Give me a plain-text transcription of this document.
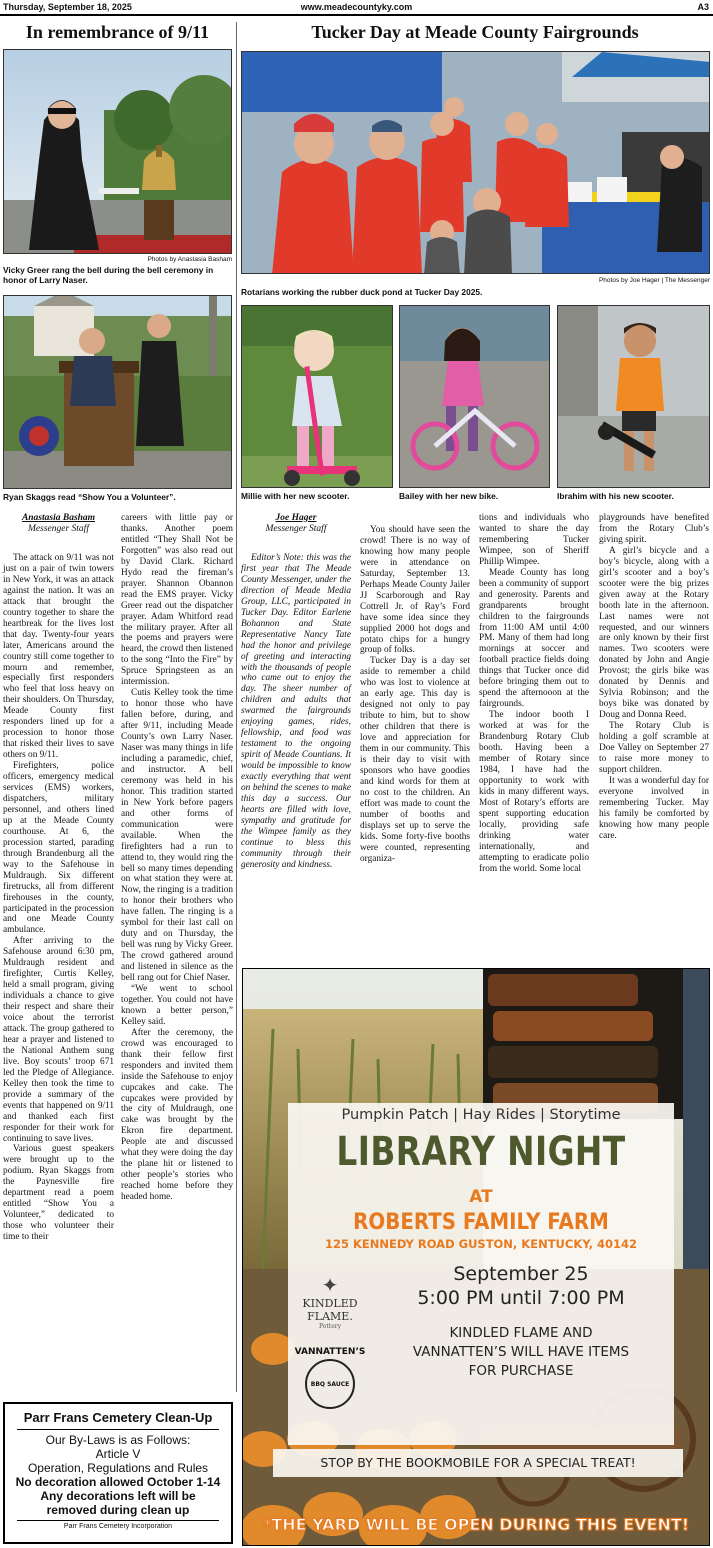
Thursday, September 18, 2025	www.meadecountyky.com	A3
In remembrance of 9/11
Photos by Anastasia Basham
Vicky Greer rang the bell during the bell ceremony in honor of Larry Naser.
Ryan Skaggs read “Show You a Volunteer”.
Tucker Day at Meade County Fairgrounds
Photos by Joe Hager | The Messenger
Rotarians working the rubber duck pond at Tucker Day 2025.
Millie with her new scooter.	Bailey with her new bike.	Ibrahim with his new scooter.
Anastasia Basham
Messenger Staff

The attack on 9/11 was not just on a pair of twin towers in New York, it was an attack against the nation. It was an attack that brought the country together to share the heartbreak for the lives lost that day. Twenty-four years later, Americans around the country still come together to mourn and remember, especially first responders who feel that loss heavy on their shoulders. On Thursday, Meade County first responders lined up for a procession to honor those that risked their lives to save others on 9/11.

Firefighters, police officers, emergency medical services (EMS) workers, dispatchers, military personnel, and others lined up at the Meade County courthouse. At 6, the procession started, parading through Brandenburg all the way to the Safehouse in Muldraugh. Six different firetrucks, all from different firehouses in the county, participated in the procession and one Meade County ambulance.

After arriving to the Safehouse around 6:30 pm, Muldraugh resident and firefighter, Curtis Kelley, held a small program, giving individuals a chance to give their respect and share their voice about the terrorist attack. The group gathered to hear a prayer and listened to the National Anthem sung live. Boy scouts’ troop 671 led the Pledge of Allegiance. Kelley then took the time to provide a summary of the events that happened on 9/11 and thanked each first responder for their work for continuing to save lives.

Various guest speakers were brought up to the podium. Ryan Skaggs from the Paynesville fire department read a poem entitled “Show You a Volunteer,” dedicated to those who volunteer their time to their

careers with little pay or thanks. Another poem entitled “They Shall Not be Forgotten” was also read out by David Clark. Richard Hydo read the fireman’s prayer. Shannon Obannon read the EMS prayer. Vicky Greer read out the dispatcher prayer. Adam Whitford read the military prayer. After all the poems and prayers were heard, the crowd then listened to the song “Into the Fire” by Spruce Springsteen as an intermission.

Cutis Kelley took the time to honor those who have fallen before, during, and after 9/11, including Meade County’s own Larry Naser. Naser was many things in life including a paramedic, chief, and instructor. A bell ceremony was held in his honor. This tradition started in New York before pagers and other forms of communication were available. When the firefighters had a run to attend to, they would ring the bell so many times depending on what station they were at. Now, the ringing is a tradition to honor their brothers who have fallen. The ringing is a symbol for their last call on duty and on Thursday, the bell was rung by Vicky Greer. The crowd gathered around and listened in silence as the bell rang out for Chief Naser.

“We went to school together. You could not have known a better person,” Kelley said.

After the ceremony, the crowd was encouraged to thank their fellow first responders and invited them inside the Safehouse to enjoy cupcakes and cake. The cupcakes were provided by the city of Muldraugh, one cake was brought by the Ekron fire department. People ate and discussed what they were doing the day the plane hit or listened to other people’s stories who reached home before they headed home.

Joe Hager
Messenger Staff

Editor’s Note: this was the first year that The Meade County Messenger, under the direction of Meade Media Group, LLC, participated in Tucker Day. Editor Earlene Bohannon and State Representative Nancy Tate had the honor and privilege of greeting and interacting with the thousands of people who came out to enjoy the day. The sheer number of children and adults that swarmed the fairgrounds enjoying games, rides, fellowship, and food was testament to the ongoing spirit of Meade Countians. It would be impossible to know exactly everything that went on behind the scenes to make this day a success. Our hearts are filled with love, sympathy and gratitude for the Wimpee family as they continue to bless this community through their generosity and kindness.

You should have seen the crowd! There is no way of knowing how many people were in attendance on Saturday, September 13. Perhaps Meade County Jailer JJ Scarborough and Ray Cottrell Jr. of Ray’s Ford have some idea since they supplied 2000 hot dogs and potato chips for a hungry group of folks.

Tucker Day is a day set aside to remember a child who was lost to violence at an early age. This day is designed not only to pay tribute to him, but to show other children that there is love and appreciation for them in our community. This is their day to visit with sponsors who have goodies and kind words for them at no cost to the children. An effort was made to count the number of booths and displays set up to serve the kids. Some forty-five booths were counted, representing organiza-

tions and individuals who wanted to share the day remembering Tucker Wimpee, son of Sheriff Phillip Wimpee.

Meade County has long been a community of support and generosity. Parents and grandparents brought children to the fairgrounds from 11:00 AM until 4:00 PM. Many of them had long mornings at soccer and football practice fields doing things that Tucker once did before bringing them out to spend the afternooon at the fairgrounds.

The indoor booth I worked at was for the Brandenburg Rotary Club booth. Having been a member of Rotary since 1984, I have had the opportunity to work with kids in many different ways. Most of Rotary’s efforts are spent supporting education locally, providing safe drinking water internationally, and attempting to eradicate polio from the world. Some local

playgrounds have benefited from the Rotary Club’s giving spirit.

A girl’s bicycle and a boy’s bicycle, along with a girl’s scooter and a boy’s scooter were the big prizes given away at the Rotary booth late in the afternoon. Last names were not requested, and our winners are only known by their first names. Two scooters were donated by John and Angie Provost; the girls bike was donated by Dennis and Sylvia Robinson; and the boys bike was donated by Doug and Donna Reed.

The Rotary Club is holding a golf scramble at Doe Valley on September 27 to raise more money to support children.

It was a wonderful day for everyone involved in remembering Tucker. May his family be comforted by knowing how many people care.

Parr Frans Cemetery Clean-Up
Our By-Laws is as Follows:
Article V
Operation, Regulations and Rules
No decoration allowed October 1-14
Any decorations left will be
removed during clean up
Parr Frans Cemetery Incorporation
Pumpkin Patch | Hay Rides | Storytime
LIBRARY NIGHT
AT
ROBERTS FAMILY FARM
125 KENNEDY ROAD GUSTON, KENTUCKY, 40142
✦
KINDLED FLAME.
Pottery
VANNATTEN’S
BBQ SAUCE
September 25
5:00 PM until 7:00 PM
KINDLED FLAME AND
VANNATTEN’S WILL HAVE ITEMS
FOR PURCHASE
STOP BY THE BOOKMOBILE FOR A SPECIAL TREAT!
*THE YARD WILL BE OPEN DURING THIS EVENT!
